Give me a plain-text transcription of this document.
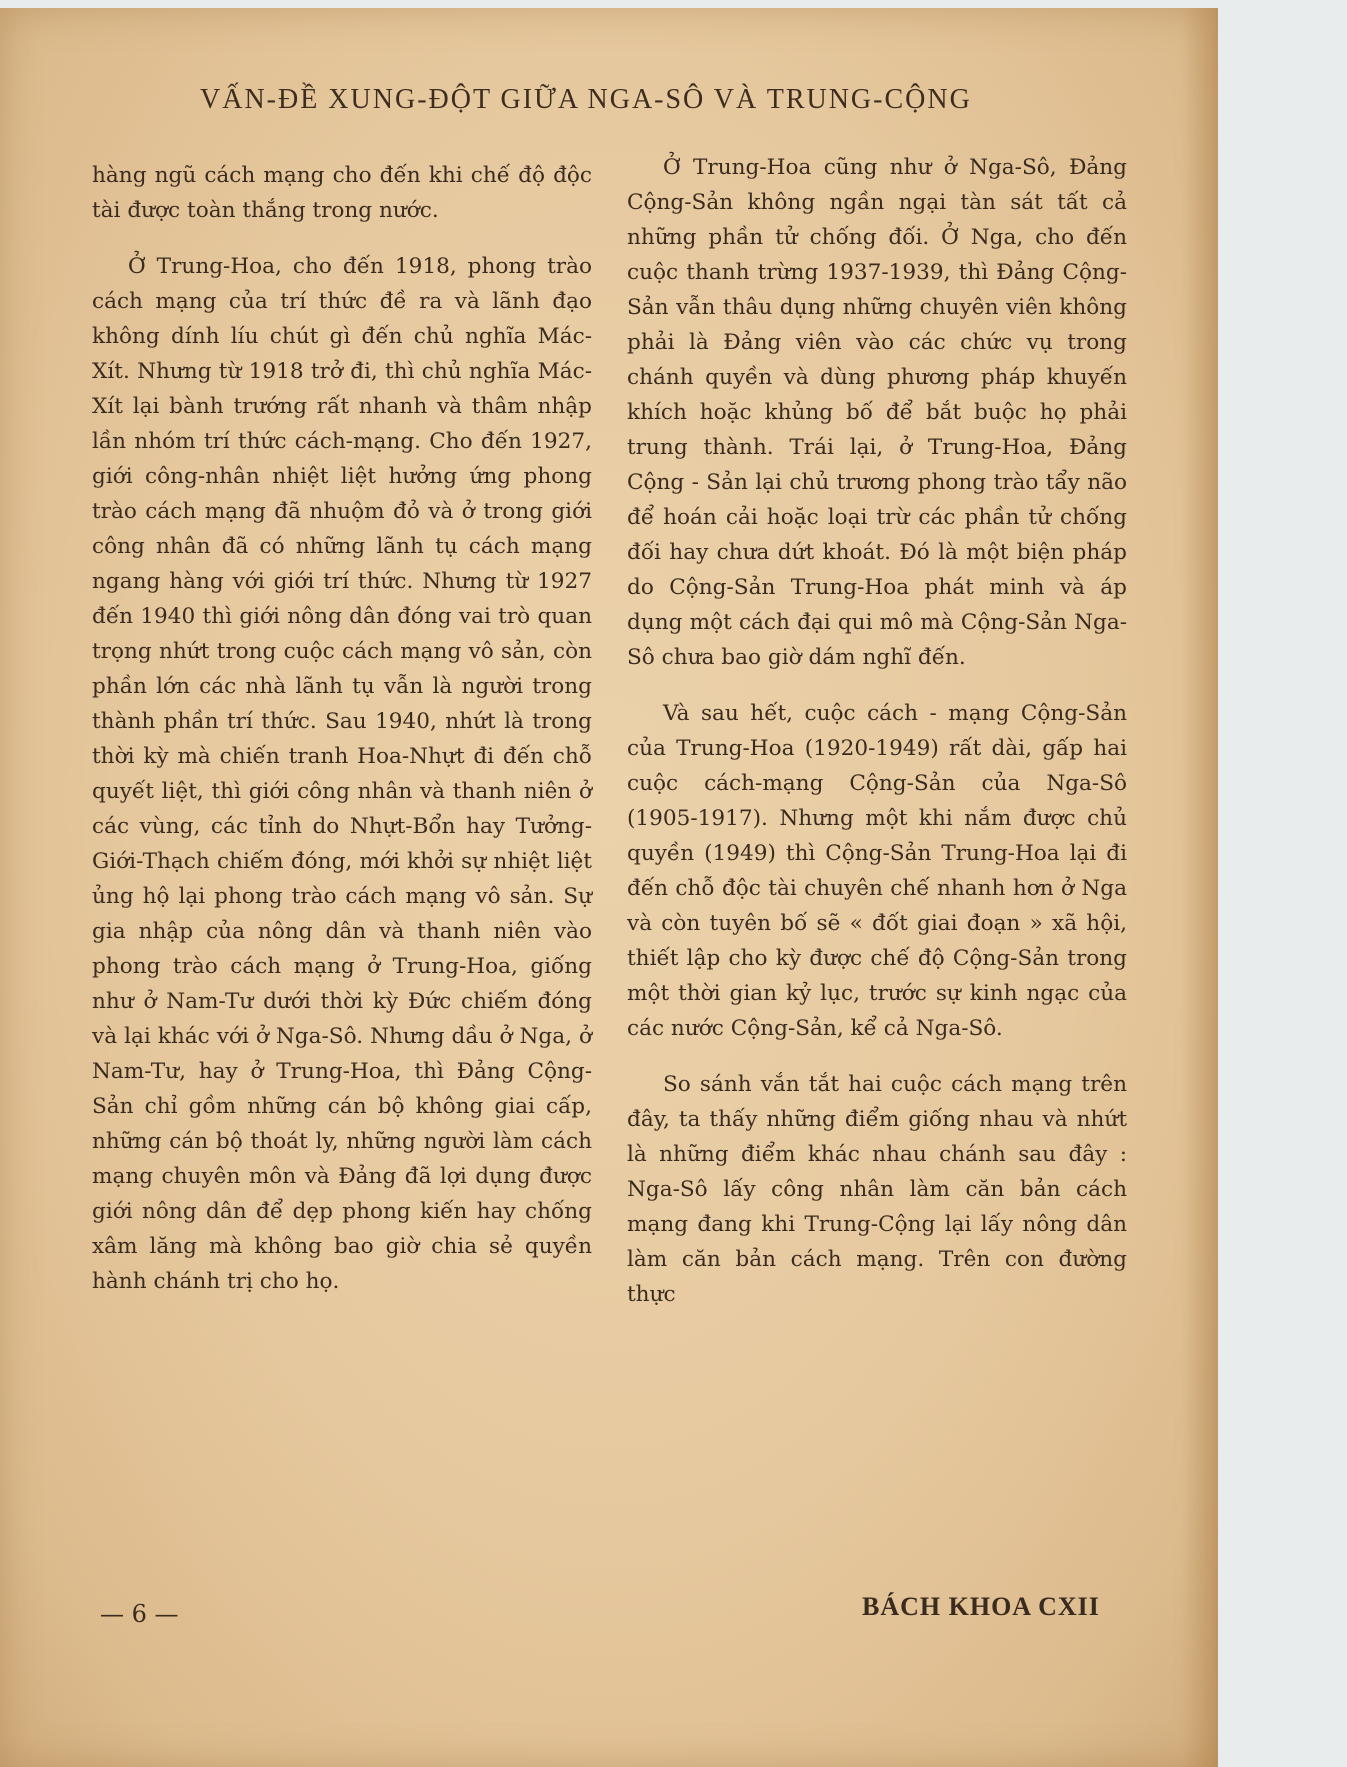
VẤN-ĐỀ XUNG-ĐỘT GIỮA NGA-SÔ VÀ TRUNG-CỘNG

hàng ngũ cách mạng cho đến khi chế độ độc tài được toàn thắng trong nước.

Ở Trung-Hoa, cho đến 1918, phong trào cách mạng của trí thức đề ra và lãnh đạo không dính líu chút gì đến chủ nghĩa Mác-Xít. Nhưng từ 1918 trở đi, thì chủ nghĩa Mác-Xít lại bành trướng rất nhanh và thâm nhập lần nhóm trí thức cách-mạng. Cho đến 1927, giới công-nhân nhiệt liệt hưởng ứng phong trào cách mạng đã nhuộm đỏ và ở trong giới công nhân đã có những lãnh tụ cách mạng ngang hàng với giới trí thức. Nhưng từ 1927 đến 1940 thì giới nông dân đóng vai trò quan trọng nhứt trong cuộc cách mạng vô sản, còn phần lớn các nhà lãnh tụ vẫn là người trong thành phần trí thức. Sau 1940, nhứt là trong thời kỳ mà chiến tranh Hoa-Nhựt đi đến chỗ quyết liệt, thì giới công nhân và thanh niên ở các vùng, các tỉnh do Nhựt-Bổn hay Tưởng-Giới-Thạch chiếm đóng, mới khởi sự nhiệt liệt ủng hộ lại phong trào cách mạng vô sản. Sự gia nhập của nông dân và thanh niên vào phong trào cách mạng ở Trung-Hoa, giống như ở Nam-Tư dưới thời kỳ Đức chiếm đóng và lại khác với ở Nga-Sô. Nhưng dầu ở Nga, ở Nam-Tư, hay ở Trung-Hoa, thì Đảng Cộng-Sản chỉ gồm những cán bộ không giai cấp, những cán bộ thoát ly, những người làm cách mạng chuyên môn và Đảng đã lợi dụng được giới nông dân để dẹp phong kiến hay chống xâm lăng mà không bao giờ chia sẻ quyền hành chánh trị cho họ.

Ở Trung-Hoa cũng như ở Nga-Sô, Đảng Cộng-Sản không ngần ngại tàn sát tất cả những phần tử chống đối. Ở Nga, cho đến cuộc thanh trừng 1937-1939, thì Đảng Cộng-Sản vẫn thâu dụng những chuyên viên không phải là Đảng viên vào các chức vụ trong chánh quyền và dùng phương pháp khuyến khích hoặc khủng bố để bắt buộc họ phải trung thành. Trái lại, ở Trung-Hoa, Đảng Cộng - Sản lại chủ trương phong trào tẩy não để hoán cải hoặc loại trừ các phần tử chống đối hay chưa dứt khoát. Đó là một biện pháp do Cộng-Sản Trung-Hoa phát minh và áp dụng một cách đại qui mô mà Cộng-Sản Nga-Sô chưa bao giờ dám nghĩ đến.

Và sau hết, cuộc cách - mạng Cộng-Sản của Trung-Hoa (1920-1949) rất dài, gấp hai cuộc cách-mạng Cộng-Sản của Nga-Sô (1905-1917). Nhưng một khi nắm được chủ quyền (1949) thì Cộng-Sản Trung-Hoa lại đi đến chỗ độc tài chuyên chế nhanh hơn ở Nga và còn tuyên bố sẽ « đốt giai đoạn » xã hội, thiết lập cho kỳ được chế độ Cộng-Sản trong một thời gian kỷ lục, trước sự kinh ngạc của các nước Cộng-Sản, kể cả Nga-Sô.

So sánh vắn tắt hai cuộc cách mạng trên đây, ta thấy những điểm giống nhau và nhứt là những điểm khác nhau chánh sau đây : Nga-Sô lấy công nhân làm căn bản cách mạng đang khi Trung-Cộng lại lấy nông dân làm căn bản cách mạng. Trên con đường thực

— 6 —	BÁCH KHOA CXII
